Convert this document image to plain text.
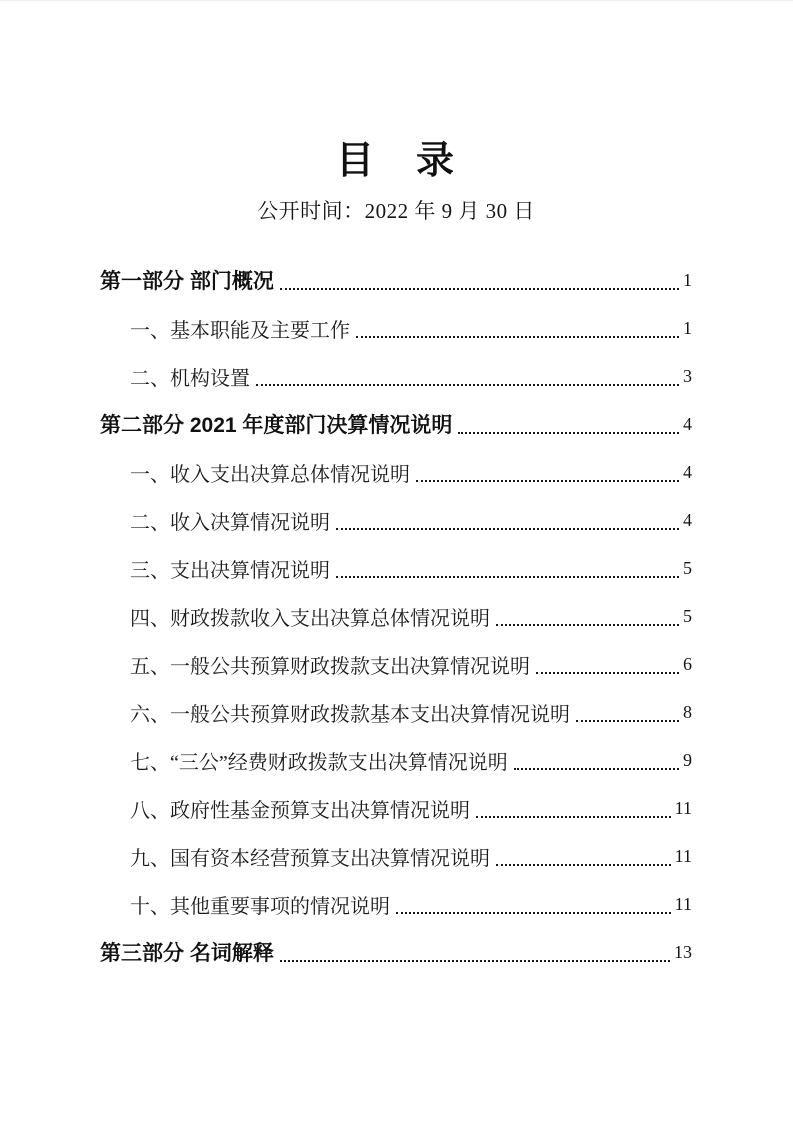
目　录
公开时间：2022 年 9 月 30 日
第一部分 部门概况	1
一、基本职能及主要工作	1
二、机构设置	3
第二部分 2021 年度部门决算情况说明	4
一、收入支出决算总体情况说明	4
二、收入决算情况说明	4
三、支出决算情况说明	5
四、财政拨款收入支出决算总体情况说明	5
五、一般公共预算财政拨款支出决算情况说明	6
六、一般公共预算财政拨款基本支出决算情况说明	8
七、“三公”经费财政拨款支出决算情况说明	9
八、政府性基金预算支出决算情况说明	11
九、国有资本经营预算支出决算情况说明	11
十、其他重要事项的情况说明	11
第三部分 名词解释	13
